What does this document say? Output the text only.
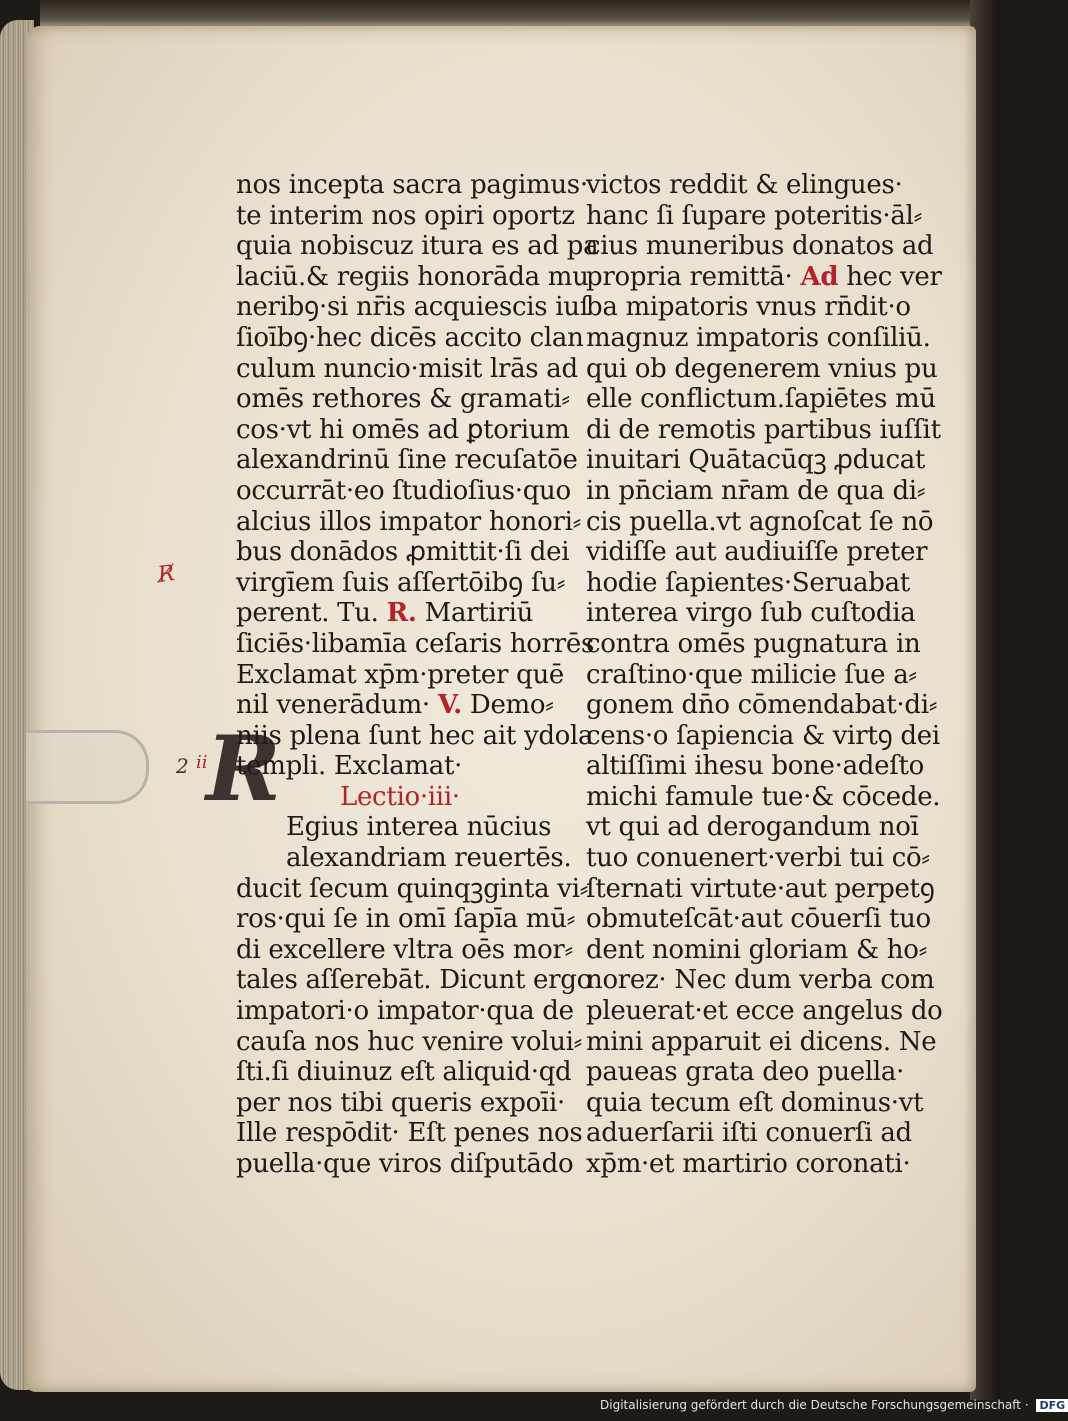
R̸
2 ii
R
nos incepta sacra pagimus·
te interim nos opiri oportz
quia nobiscuz itura es ad pa
laciū.& regiis honorāda mu
neribꝯ·si nr̄is acquiescis iuſ
ſioībꝯ·hec dicēs accito clan
culum nuncio·misit lrās ad
omēs rethores & gramati⸗
cos·vt hi omēs ad ꝑtorium
alexandrinū ſine recuſatōe
occurrāt·eo ſtudioſius·quo
alcius illos impator honori⸗
bus donādos ꝓmittit·ſi dei
virgīem ſuis aſſertōibꝯ ſu⸗
perent. Tu. R. Martiriū
ſiciēs·libamīa ceſaris horrēs
Exclamat xp̄m·preter quē
nil venerādum· V. Demo⸗
niis plena ſunt hec ait ydola
templi. Exclamat·
Lectio·iii·
Egius interea nūcius
alexandriam reuertēs.
ducit ſecum quinqꝫginta vi⸗
ros·qui ſe in omī ſapīa mū⸗
di excellere vltra oēs mor⸗
tales aſſerebāt. Dicunt ergo
impatori·o impator·qua de
cauſa nos huc venire volui⸗
ſti.ſi diuinuz eſt aliquid·qd
per nos tibi queris expoīi·
Ille respōdit· Eſt penes nos
puella·que viros diſputādo
victos reddit & elingues·
hanc ſi ſupare poteritis·āl⸗
cius muneribus donatos ad
propria remittā· Ad hec ver
ba mipatoris vnus rn̄dit·o
magnuz impatoris conſiliū.
qui ob degenerem vnius pu
elle conflictum.ſapiētes mū
di de remotis partibus iuſſit
inuitari Quātacūqꝫ ꝓducat
in pn̄ciam nr̄am de qua di⸗
cis puella.vt agnoſcat ſe nō
vidiſſe aut audiuiſſe preter
hodie ſapientes·Seruabat
interea virgo ſub cuſtodia
contra omēs pugnatura in
craſtino·que milicie ſue a⸗
gonem dn̄o cōmendabat·di⸗
cens·o ſapiencia & virtꝯ dei
altiſſimi ihesu bone·adeſto
michi famule tue·& cōcede.
vt qui ad derogandum noī
tuo conuenert·verbi tui cō⸗
ſternati virtute·aut perpetꝯ
obmuteſcāt·aut cōuerſi tuo
dent nomini gloriam & ho⸗
norez· Nec dum verba com
pleuerat·et ecce angelus do
mini apparuit ei dicens. Ne
paueas grata deo puella·
quia tecum eſt dominus·vt
aduerſarii iſti conuerſi ad
xp̄m·et martirio coronati·
Digitalisierung gefördert durch die Deutsche Forschungsgemeinschaft · DFG
